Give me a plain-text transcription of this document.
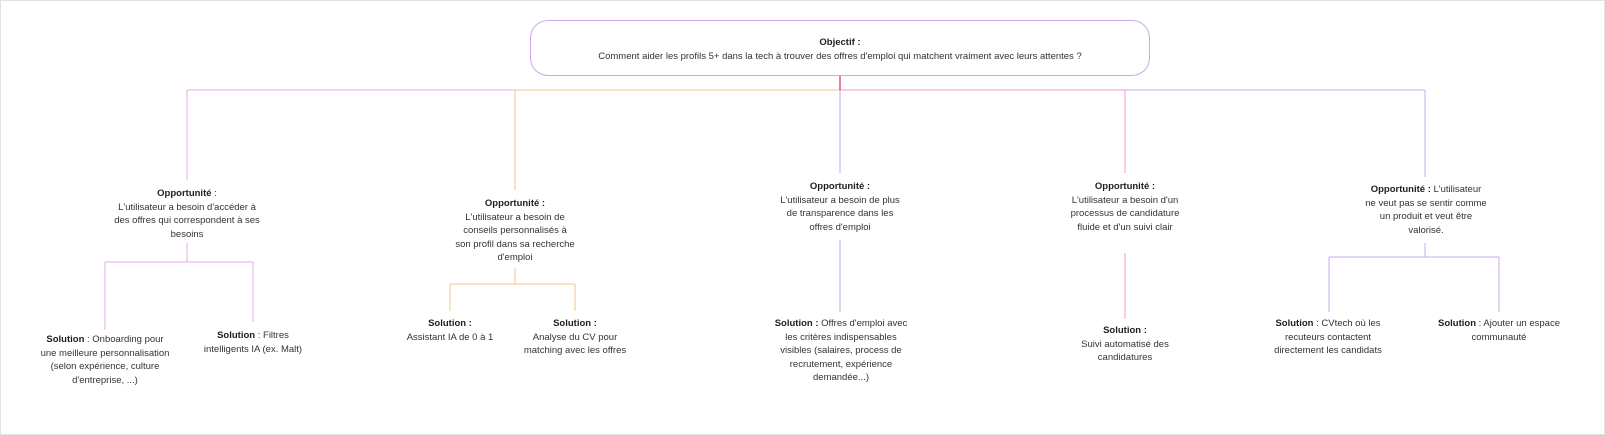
Objectif :
Comment aider les profils 5+ dans la tech à trouver des offres d'emploi qui matchent vraiment avec leurs attentes ?
Opportunité :
L'utilisateur a besoin d'accéder à des offres qui correspondent à ses besoins
Opportunité :
L'utilisateur a besoin de conseils personnalisés à son profil dans sa recherche d'emploi
Opportunité :
L'utilisateur a besoin de plus de transparence dans les offres d'emploi
Opportunité :
L'utilisateur a besoin d'un processus de candidature fluide et d'un suivi clair
Opportunité : L'utilisateur ne veut pas se sentir comme un produit et veut être valorisé.
Solution : Onboarding pour une meilleure personnalisation (selon expérience, culture d'entreprise, ...)
Solution : Filtres intelligents IA (ex. Malt)
Solution :
Assistant IA de 0 à 1
Solution :
Analyse du CV pour matching avec les offres
Solution : Offres d'emploi avec les critères indispensables visibles (salaires, process de recrutement, expérience demandée...)
Solution :
Suivi automatisé des candidatures
Solution : CVtech où les recuteurs contactent directement les candidats
Solution : Ajouter un espace communauté
